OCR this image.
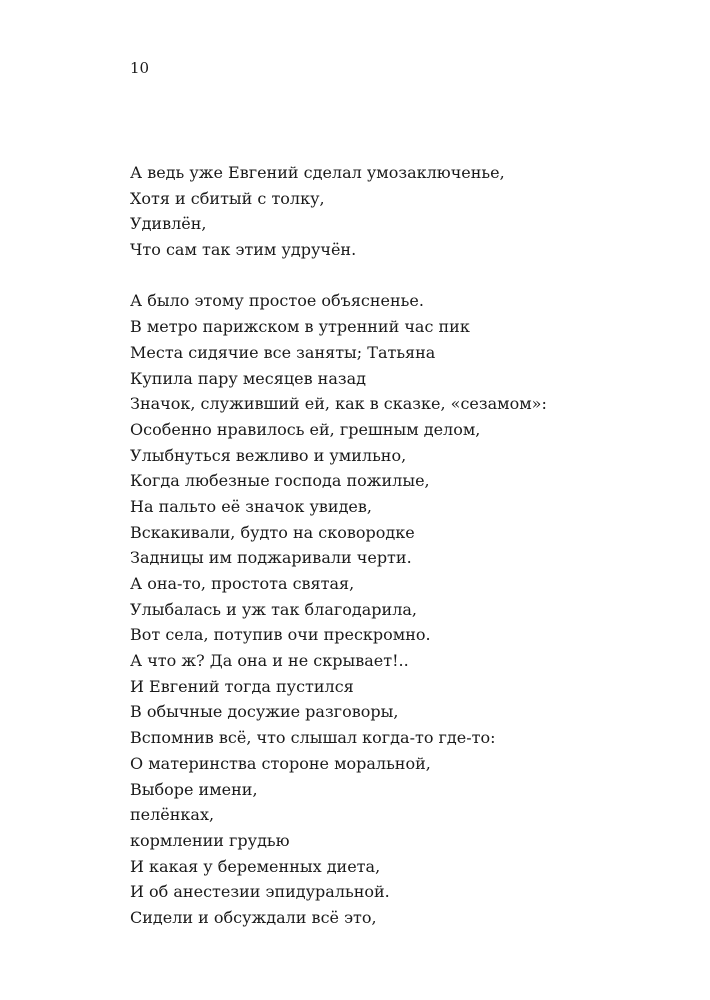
10
А ведь уже Евгений сделал умозаключенье,
Хотя и сбитый с толку,
Удивлён,
Что сам так этим удручён.
А было этому простое объясненье.
В метро парижском в утренний час пик
Места сидячие все заняты; Татьяна
Купила пару месяцев назад
Значок, служивший ей, как в сказке, «сезамом»:
Особенно нравилось ей, грешным делом,
Улыбнуться вежливо и умильно,
Когда любезные господа пожилые,
На пальто её значок увидев,
Вскакивали, будто на сковородке
Задницы им поджаривали черти.
А она-то, простота святая,
Улыбалась и уж так благодарила,
Вот села, потупив очи прескромно.
А что ж? Да она и не скрывает!..
И Евгений тогда пустился
В обычные досужие разговоры,
Вспомнив всё, что слышал когда-то где-то:
О материнства стороне моральной,
Выборе имени,
пелёнках,
кормлении грудью
И какая у беременных диета,
И об анестезии эпидуральной.
Сидели и обсуждали всё это,
